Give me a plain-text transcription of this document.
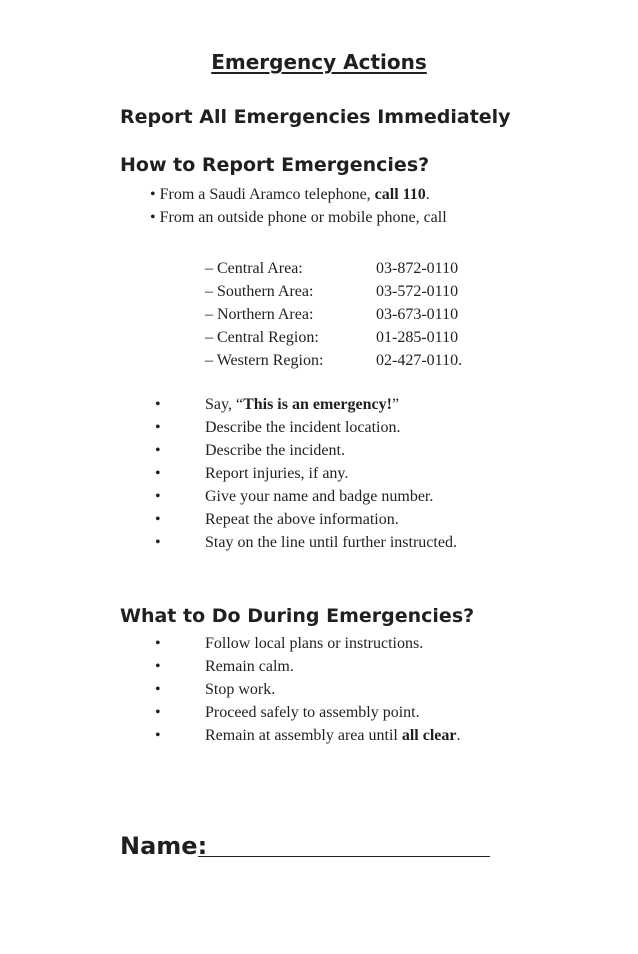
Emergency Actions
Report All Emergencies Immediately
How to Report Emergencies?
• From a Saudi Aramco telephone, call 110.
• From an outside phone or mobile phone, call
– Central Area:	03-872-0110
– Southern Area:	03-572-0110
– Northern Area:	03-673-0110
– Central Region:	01-285-0110
– Western Region:	02-427-0110.
•	Say, “This is an emergency!”
•	Describe the incident location.
•	Describe the incident.
•	Report injuries, if any.
•	Give your name and badge number.
•	Repeat the above information.
•	Stay on the line until further instructed.
What to Do During Emergencies?
•	Follow local plans or instructions.
•	Remain calm.
•	Stop work.
•	Proceed safely to assembly point.
•	Remain at assembly area until all clear.
Name:
